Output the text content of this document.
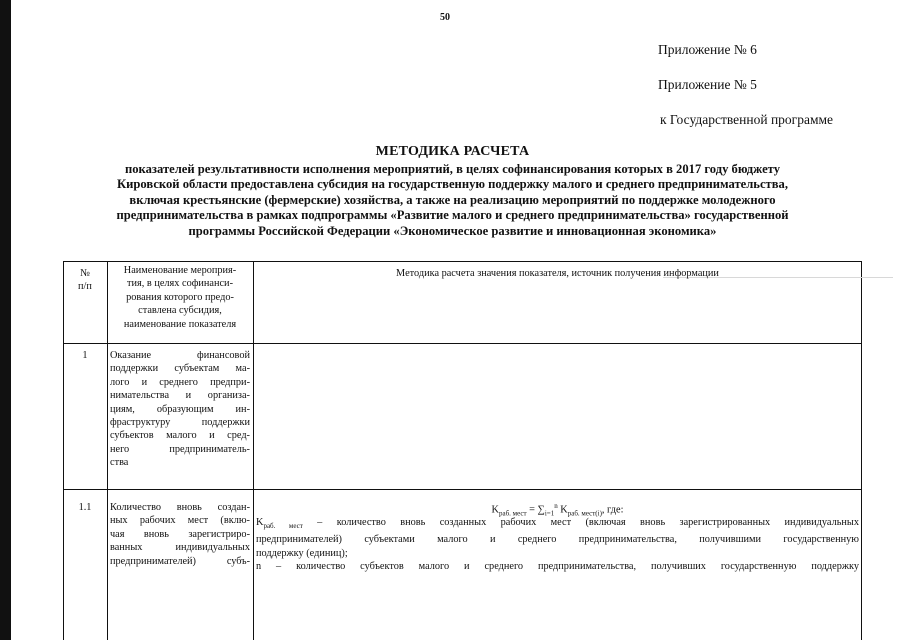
50
Приложение № 6
Приложение № 5
к Государственной программе
МЕТОДИКА РАСЧЕТА
показателей результативности исполнения мероприятий, в целях софинансирования которых в 2017 году бюджету
Кировской области предоставлена субсидия на государственную поддержку малого и среднего предпринимательства,
включая крестьянские (фермерские) хозяйства, а также на реализацию мероприятий по поддержке молодежного
предпринимательства в рамках подпрограммы «Развитие малого и среднего предпринимательства» государственной
программы Российской Федерации «Экономическое развитие и инновационная экономика»
№
п/п
Наименование мероприя-
тия, в целях софинанси-
рования которого предо-
ставлена субсидия,
наименование показателя
Методика расчета значения показателя, источник получения информации
1	Оказание финансовой
поддержки субъектам ма-
лого и среднего предпри-
нимательства и организа-
циям, образующим ин-
фраструктуру поддержки
субъектов малого и сред-
него предприниматель-
ства
1.1	Количество вновь создан-
ных рабочих мест (вклю-
чая вновь зарегистриро-
ванных индивидуальных
предпринимателей) субъ-
$K_{раб. мест} = \sum_{i=1}^n$ $K_{раб. мест(i)}$, где:
$K_{раб. мест}$ – количество вновь созданных рабочих мест (включая вновь зарегистрированных индивидуальных
предпринимателей) субъектами малого и среднего предпринимательства, получившими государственную
поддержку (единиц);
n – количество субъектов малого и среднего предпринимательства, получивших государственную поддержку
